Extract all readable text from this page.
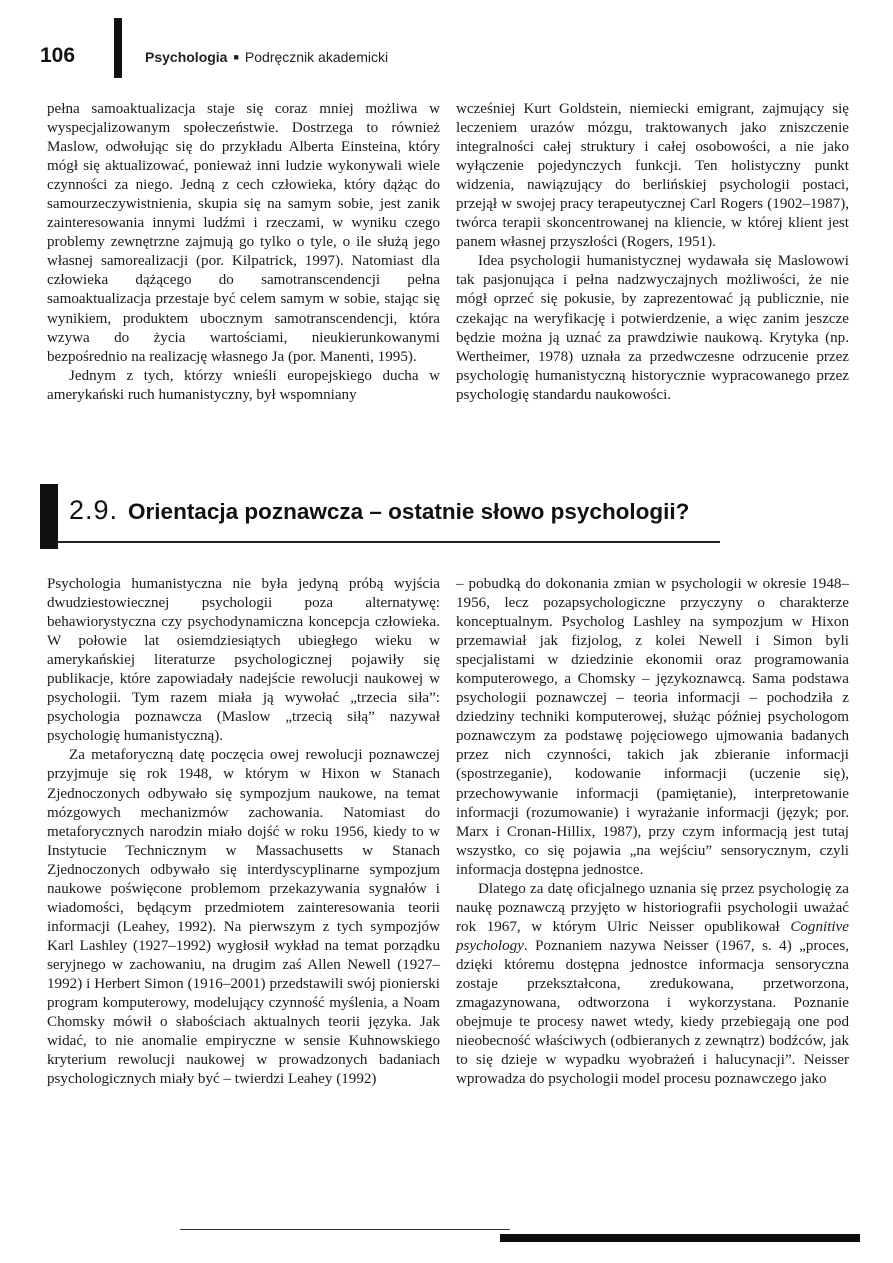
106	Psychologia ■ Podręcznik akademicki

pełna samoaktualizacja staje się coraz mniej możliwa w wyspecjalizowanym społeczeństwie. Dostrzega to również Maslow, odwołując się do przykładu Alberta Einsteina, który mógł się aktualizować, ponieważ inni ludzie wykonywali wiele czynności za niego. Jedną z cech człowieka, który dążąc do samourzeczywistnienia, skupia się na samym sobie, jest zanik zainteresowania innymi ludźmi i rzeczami, w wyniku czego problemy zewnętrzne zajmują go tylko o tyle, o ile służą jego własnej samorealizacji (por. Kilpatrick, 1997). Natomiast dla człowieka dążącego do samotranscendencji pełna samoaktualizacja przestaje być celem samym w sobie, stając się wynikiem, produktem ubocznym samotranscendencji, która wzywa do życia wartościami, nieukierunkowanymi bezpośrednio na realizację własnego Ja (por. Manenti, 1995).

Jednym z tych, którzy wnieśli europejskiego ducha w amerykański ruch humanistyczny, był wspomniany

wcześniej Kurt Goldstein, niemiecki emigrant, zajmujący się leczeniem urazów mózgu, traktowanych jako zniszczenie integralności całej struktury i całej osobowości, a nie jako wyłączenie pojedynczych funkcji. Ten holistyczny punkt widzenia, nawiązujący do berlińskiej psychologii postaci, przejął w swojej pracy terapeutycznej Carl Rogers (1902–1987), twórca terapii skoncentrowanej na kliencie, w której klient jest panem własnej przyszłości (Rogers, 1951).

Idea psychologii humanistycznej wydawała się Maslowowi tak pasjonująca i pełna nadzwyczajnych możliwości, że nie mógł oprzeć się pokusie, by zaprezentować ją publicznie, nie czekając na weryfikację i potwierdzenie, a więc zanim jeszcze będzie można ją uznać za prawdziwie naukową. Krytyka (np. Wertheimer, 1978) uznała za przedwczesne odrzucenie przez psychologię humanistyczną historycznie wypracowanego przez psychologię standardu naukowości.

2.9. Orientacja poznawcza – ostatnie słowo psychologii?

Psychologia humanistyczna nie była jedyną próbą wyjścia dwudziestowiecznej psychologii poza alternatywę: behawiorystyczna czy psychodynamiczna koncepcja człowieka. W połowie lat osiemdziesiątych ubiegłego wieku w amerykańskiej literaturze psychologicznej pojawiły się publikacje, które zapowiadały nadejście rewolucji naukowej w psychologii. Tym razem miała ją wywołać „trzecia siła”: psychologia poznawcza (Maslow „trzecią siłą” nazywał psychologię humanistyczną).

Za metaforyczną datę poczęcia owej rewolucji poznawczej przyjmuje się rok 1948, w którym w Hixon w Stanach Zjednoczonych odbywało się sympozjum naukowe, na temat mózgowych mechanizmów zachowania. Natomiast do metaforycznych narodzin miało dojść w roku 1956, kiedy to w Instytucie Technicznym w Massachusetts w Stanach Zjednoczonych odbywało się interdyscyplinarne sympozjum naukowe poświęcone problemom przekazywania sygnałów i wiadomości, będącym przedmiotem zainteresowania teorii informacji (Leahey, 1992). Na pierwszym z tych sympozjów Karl Lashley (1927–1992) wygłosił wykład na temat porządku seryjnego w zachowaniu, na drugim zaś Allen Newell (1927–1992) i Herbert Simon (1916–2001) przedstawili swój pionierski program komputerowy, modelujący czynność myślenia, a Noam Chomsky mówił o słabościach aktualnych teorii języka. Jak widać, to nie anomalie empiryczne w sensie Kuhnowskiego kryterium rewolucji naukowej w prowadzonych badaniach psychologicznych miały być – twierdzi Leahey (1992)

– pobudką do dokonania zmian w psychologii w okresie 1948–1956, lecz pozapsychologiczne przyczyny o charakterze konceptualnym. Psycholog Lashley na sympozjum w Hixon przemawiał jak fizjolog, z kolei Newell i Simon byli specjalistami w dziedzinie ekonomii oraz programowania komputerowego, a Chomsky – językoznawcą. Sama podstawa psychologii poznawczej – teoria informacji – pochodziła z dziedziny techniki komputerowej, służąc później psychologom poznawczym za podstawę pojęciowego ujmowania badanych przez nich czynności, takich jak zbieranie informacji (spostrzeganie), kodowanie informacji (uczenie się), przechowywanie informacji (pamiętanie), interpretowanie informacji (rozumowanie) i wyrażanie informacji (język; por. Marx i Cronan-Hillix, 1987), przy czym informacją jest tutaj wszystko, co się pojawia „na wejściu” sensorycznym, czyli informacja dostępna jednostce.

Dlatego za datę oficjalnego uznania się przez psychologię za naukę poznawczą przyjęto w historiografii psychologii uważać rok 1967, w którym Ulric Neisser opublikował Cognitive psychology. Poznaniem nazywa Neisser (1967, s. 4) „proces, dzięki któremu dostępna jednostce informacja sensoryczna zostaje przekształcona, zredukowana, przetworzona, zmagazynowana, odtworzona i wykorzystana. Poznanie obejmuje te procesy nawet wtedy, kiedy przebiegają one pod nieobecność właściwych (odbieranych z zewnątrz) bodźców, jak to się dzieje w wypadku wyobrażeń i halucynacji”. Neisser wprowadza do psychologii model procesu poznawczego jako
